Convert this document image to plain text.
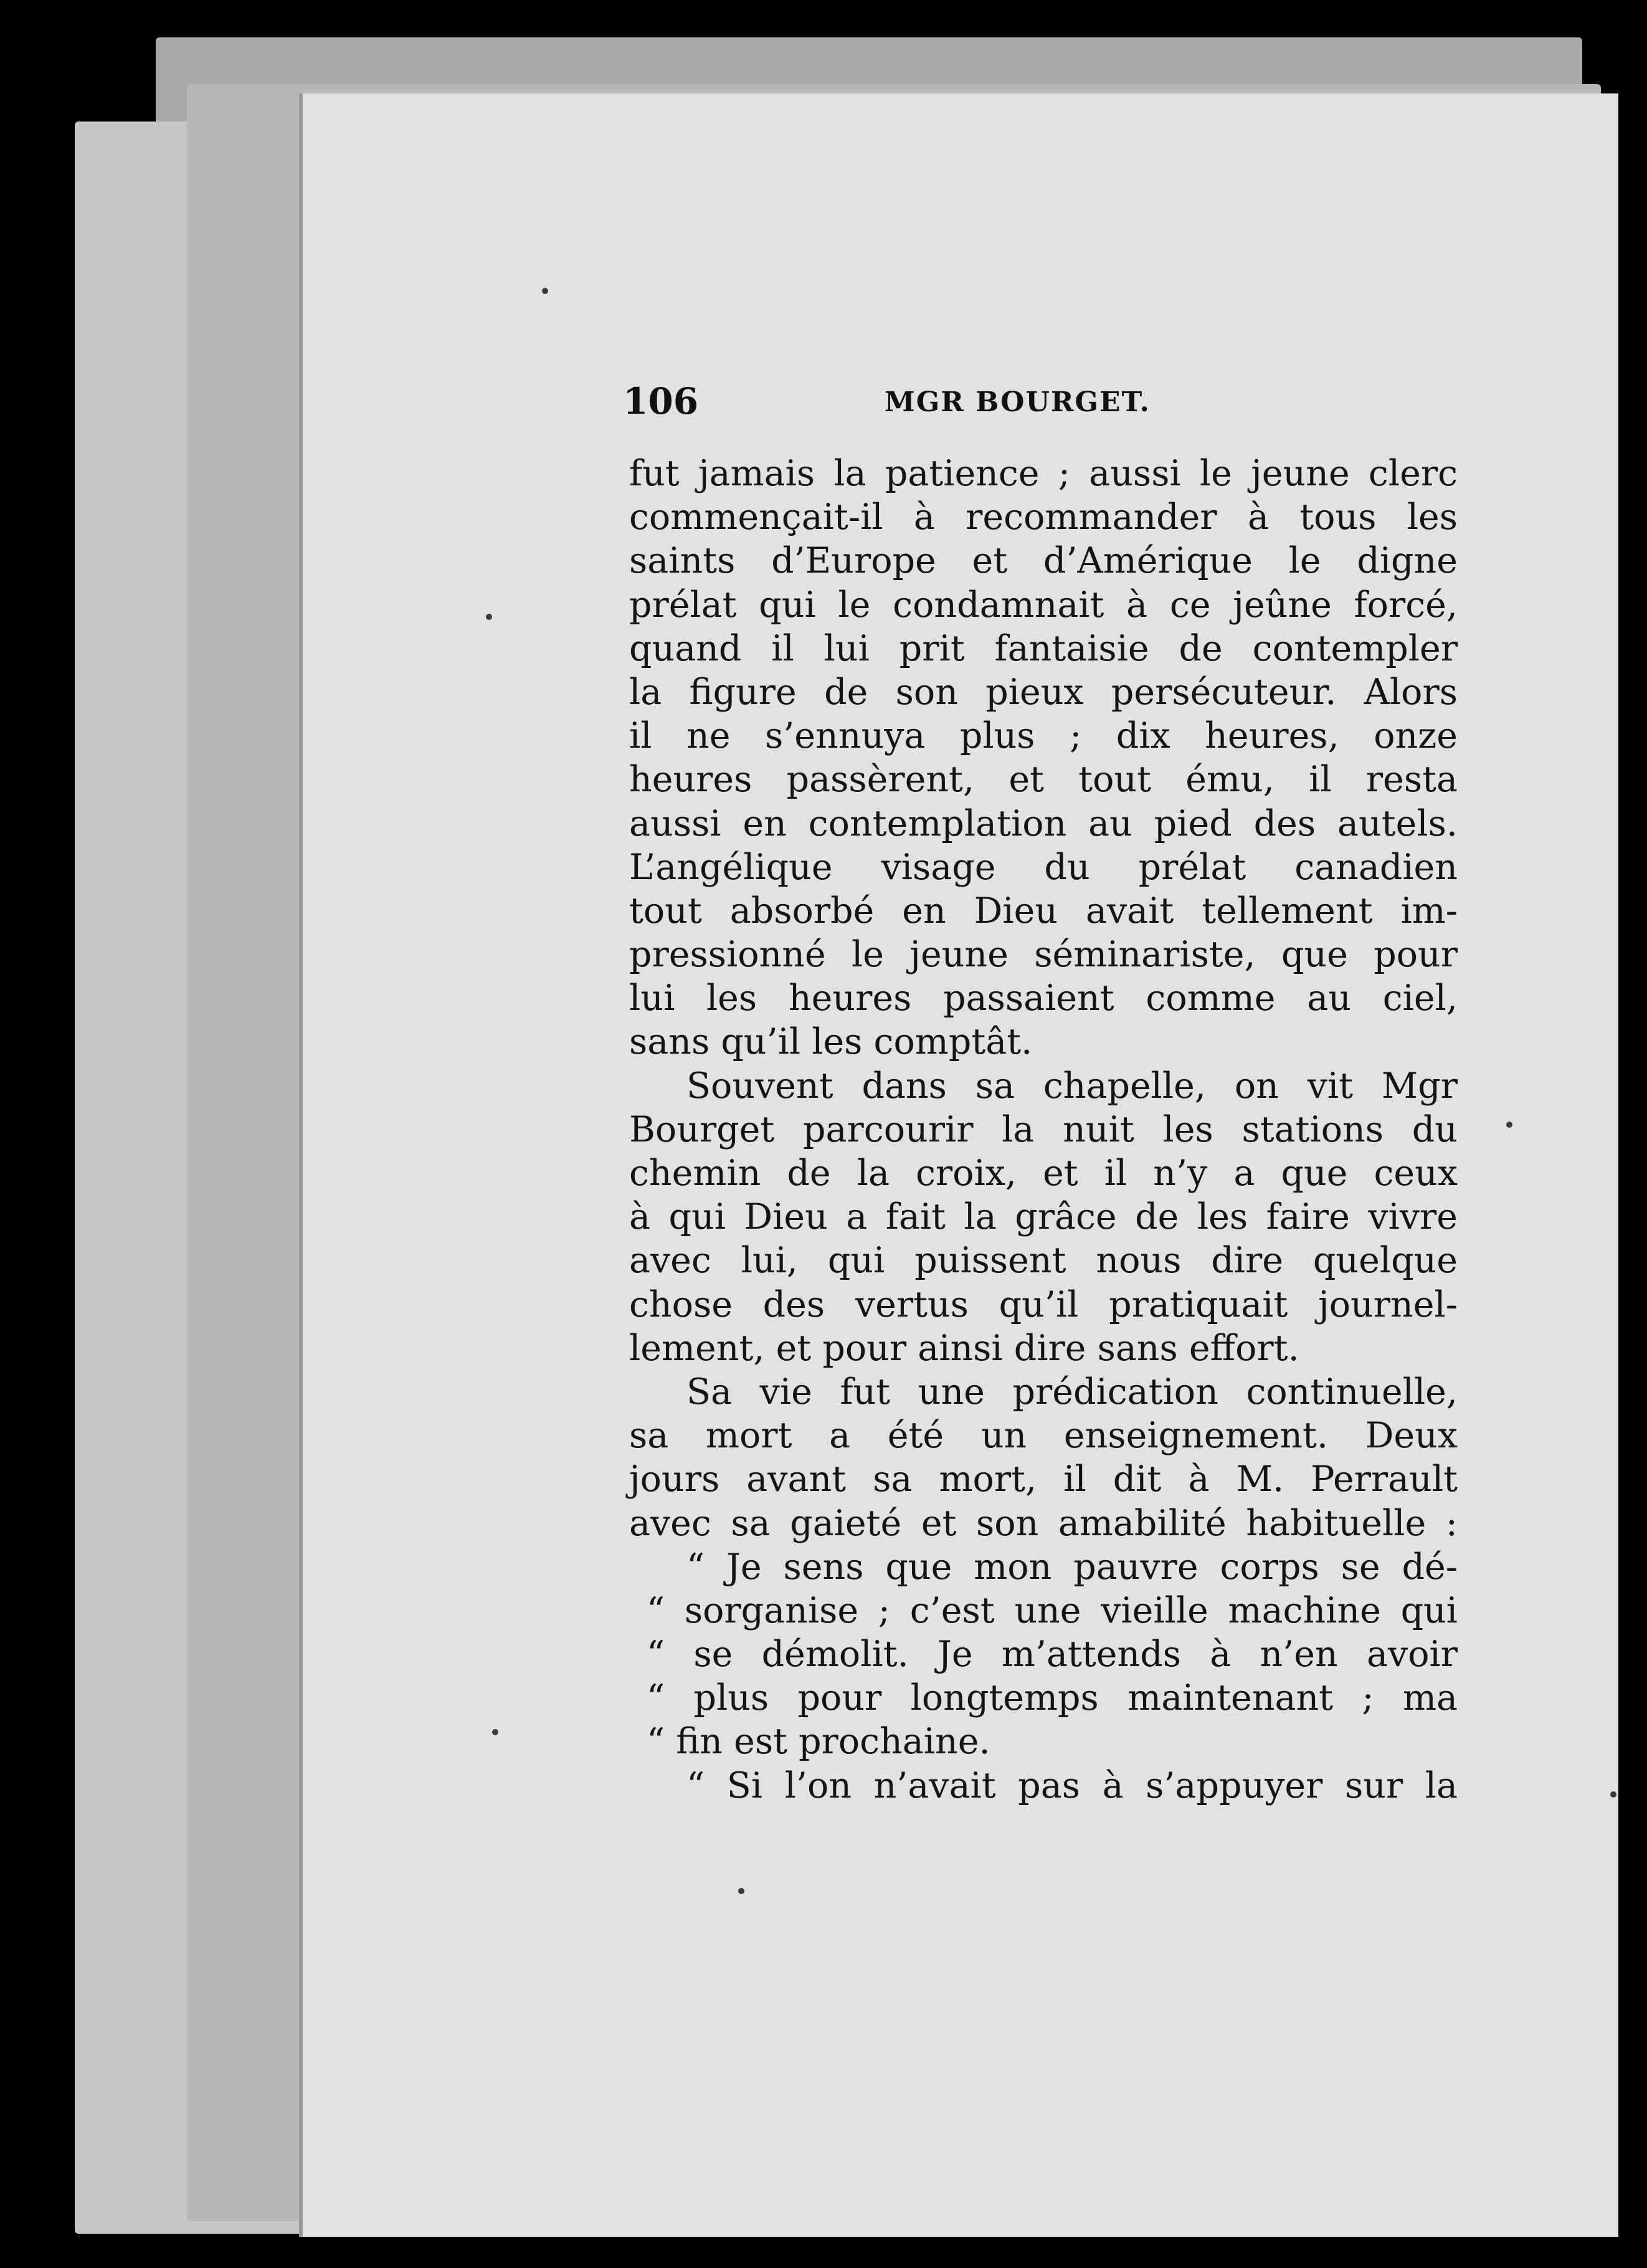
106	MGR BOURGET.
fut jamais la patience ; aussi le jeune clerc
commençait-il à recommander à tous les
saints d’Europe et d’Amérique le digne
prélat qui le condamnait à ce jeûne forcé,
quand il lui prit fantaisie de contempler
la figure de son pieux persécuteur. Alors
il ne s’ennuya plus ; dix heures, onze
heures passèrent, et tout ému, il resta
aussi en contemplation au pied des autels.
L’angélique visage du prélat canadien
tout absorbé en Dieu avait tellement im-
pressionné le jeune séminariste, que pour
lui les heures passaient comme au ciel,
sans qu’il les comptât.
Souvent dans sa chapelle, on vit Mgr
Bourget parcourir la nuit les stations du
chemin de la croix, et il n’y a que ceux
à qui Dieu a fait la grâce de les faire vivre
avec lui, qui puissent nous dire quelque
chose des vertus qu’il pratiquait journel-
lement, et pour ainsi dire sans effort.
Sa vie fut une prédication continuelle,
sa mort a été un enseignement. Deux
jours avant sa mort, il dit à M. Perrault
avec sa gaieté et son amabilité habituelle :
“ Je sens que mon pauvre corps se dé-
“ sorganise ; c’est une vieille machine qui
“ se démolit. Je m’attends à n’en avoir
“ plus pour longtemps maintenant ; ma
“ fin est prochaine.
“ Si l’on n’avait pas à s’appuyer sur la
